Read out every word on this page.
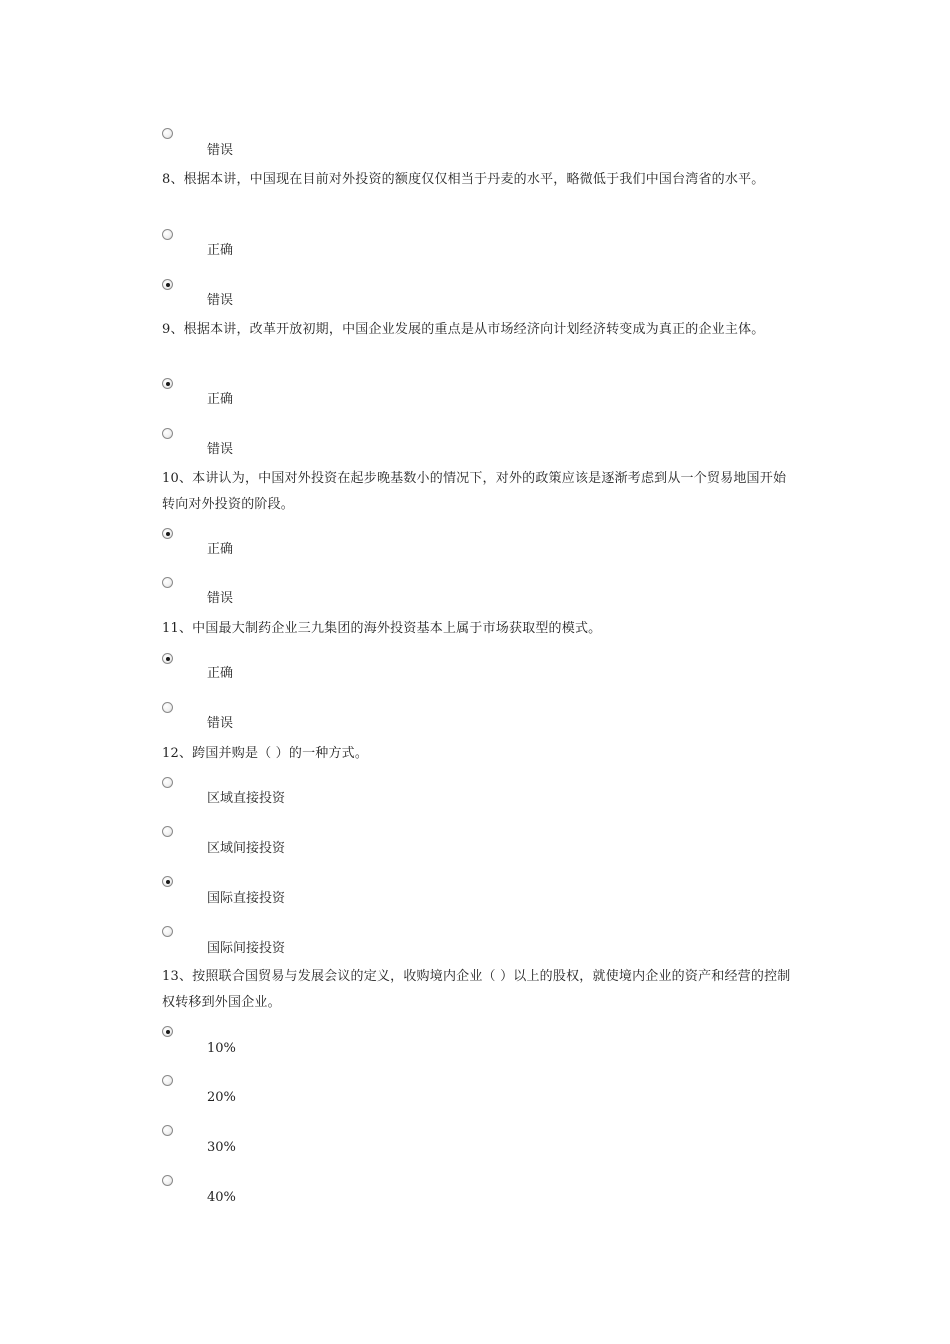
错误
8、根据本讲，中国现在目前对外投资的额度仅仅相当于丹麦的水平，略微低于我们中国台湾省的水平。
正确
错误
9、根据本讲，改革开放初期，中国企业发展的重点是从市场经济向计划经济转变成为真正的企业主体。
正确
错误
10、本讲认为，中国对外投资在起步晚基数小的情况下，对外的政策应该是逐渐考虑到从一个贸易地国开始转向对外投资的阶段。
正确
错误
11、中国最大制药企业三九集团的海外投资基本上属于市场获取型的模式。
正确
错误
12、跨国并购是（ ）的一种方式。
区域直接投资
区域间接投资
国际直接投资
国际间接投资
13、按照联合国贸易与发展会议的定义，收购境内企业（ ）以上的股权，就使境内企业的资产和经营的控制权转移到外国企业。
10%
20%
30%
40%
